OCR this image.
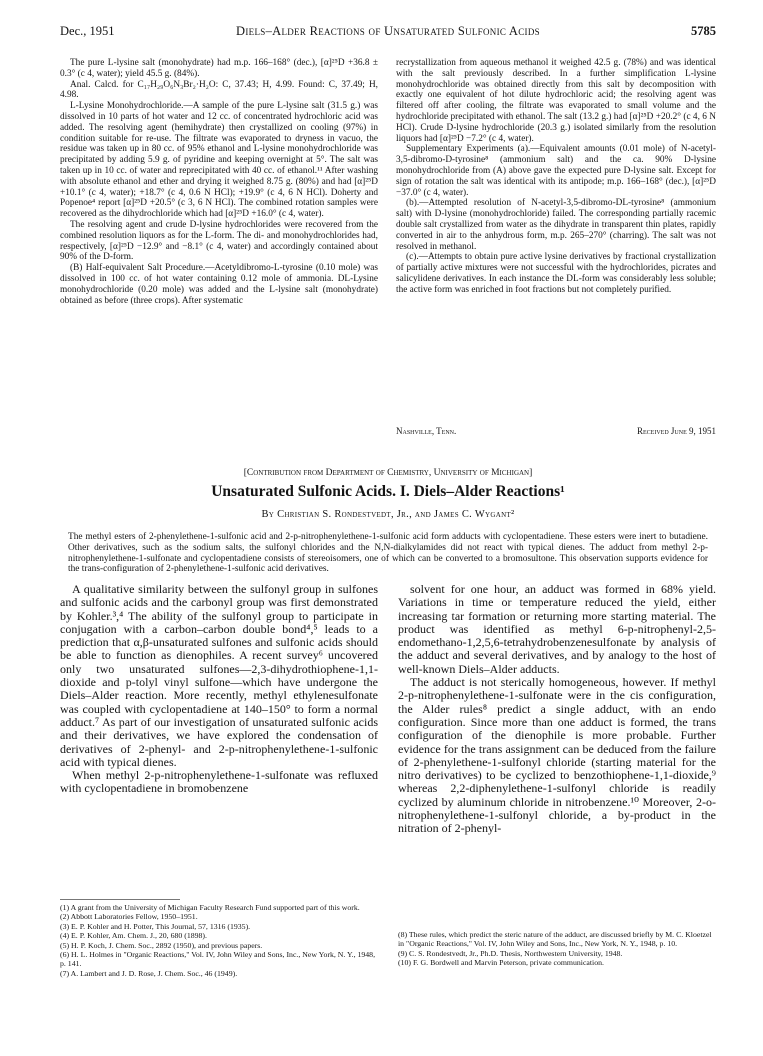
Dec., 1951	Diels–Alder Reactions of Unsaturated Sulfonic Acids	5785

The pure L-lysine salt (monohydrate) had m.p. 166–168° (dec.), [α]²⁵D +36.8 ± 0.3° (c 4, water); yield 45.5 g. (84%).

Anal. Calcd. for C₁₇H₂₉O₆N₃Br₂·H₂O: C, 37.43; H, 4.99. Found: C, 37.49; H, 4.98.

L-Lysine Monohydrochloride.—A sample of the pure L-lysine salt (31.5 g.) was dissolved in 10 parts of hot water and 12 cc. of concentrated hydrochloric acid was added. The resolving agent (hemihydrate) then crystallized on cooling (97%) in condition suitable for re-use. The filtrate was evaporated to dryness in vacuo, the residue was taken up in 80 cc. of 95% ethanol and L-lysine monohydrochloride was precipitated by adding 5.9 g. of pyridine and keeping overnight at 5°. The salt was taken up in 10 cc. of water and reprecipitated with 40 cc. of ethanol.¹¹ After washing with absolute ethanol and ether and drying it weighed 8.75 g. (80%) and had [α]²⁵D +10.1° (c 4, water); +18.7° (c 4, 0.6 N HCl); +19.9° (c 4, 6 N HCl). Doherty and Popenoe⁴ report [α]²⁵D +20.5° (c 3, 6 N HCl). The combined rotation samples were recovered as the dihydrochloride which had [α]²⁵D +16.0° (c 4, water).

The resolving agent and crude D-lysine hydrochlorides were recovered from the combined resolution liquors as for the L-form. The di- and monohydrochlorides had, respectively, [α]²⁵D −12.9° and −8.1° (c 4, water) and accordingly contained about 90% of the D-form.

(B) Half-equivalent Salt Procedure.—Acetyldibromo-L-tyrosine (0.10 mole) was dissolved in 100 cc. of hot water containing 0.12 mole of ammonia. DL-Lysine monohydrochloride (0.20 mole) was added and the L-lysine salt (monohydrate) obtained as before (three crops). After systematic

recrystallization from aqueous methanol it weighed 42.5 g. (78%) and was identical with the salt previously described. In a further simplification L-lysine monohydrochloride was obtained directly from this salt by decomposition with exactly one equivalent of hot dilute hydrochloric acid; the resolving agent was filtered off after cooling, the filtrate was evaporated to small volume and the hydrochloride precipitated with ethanol. The salt (13.2 g.) had [α]²⁵D +20.2° (c 4, 6 N HCl). Crude D-lysine hydrochloride (20.3 g.) isolated similarly from the resolution liquors had [α]²⁵D −7.2° (c 4, water).

Supplementary Experiments (a).—Equivalent amounts (0.01 mole) of N-acetyl-3,5-dibromo-D-tyrosine⁸ (ammonium salt) and the ca. 90% D-lysine monohydrochloride from (A) above gave the expected pure D-lysine salt. Except for sign of rotation the salt was identical with its antipode; m.p. 166–168° (dec.), [α]²⁵D −37.0° (c 4, water).

(b).—Attempted resolution of N-acetyl-3,5-dibromo-DL-tyrosine⁸ (ammonium salt) with D-lysine (monohydrochloride) failed. The corresponding partially racemic double salt crystallized from water as the dihydrate in transparent thin plates, rapidly converted in air to the anhydrous form, m.p. 265–270° (charring). The salt was not resolved in methanol.

(c).—Attempts to obtain pure active lysine derivatives by fractional crystallization of partially active mixtures were not successful with the hydrochlorides, picrates and salicylidene derivatives. In each instance the DL-form was considerably less soluble; the active form was enriched in foot fractions but not completely purified.

Nashville, Tenn.	Received June 9, 1951
[Contribution from Department of Chemistry, University of Michigan]
Unsaturated Sulfonic Acids. I. Diels–Alder Reactions¹
By Christian S. Rondestvedt, Jr., and James C. Wygant²
The methyl esters of 2-phenylethene-1-sulfonic acid and 2-p-nitrophenylethene-1-sulfonic acid form adducts with cyclopentadiene. These esters were inert to butadiene. Other derivatives, such as the sodium salts, the sulfonyl chlorides and the N,N-dialkylamides did not react with typical dienes. The adduct from methyl 2-p-nitrophenylethene-1-sulfonate and cyclopentadiene consists of stereoisomers, one of which can be converted to a bromosultone. This observation supports evidence for the trans-configuration of 2-phenylethene-1-sulfonic acid derivatives.

A qualitative similarity between the sulfonyl group in sulfones and sulfonic acids and the carbonyl group was first demonstrated by Kohler.³,⁴ The ability of the sulfonyl group to participate in conjugation with a carbon–carbon double bond⁴,⁵ leads to a prediction that α,β-unsaturated sulfones and sulfonic acids should be able to function as dienophiles. A recent survey⁶ uncovered only two unsaturated sulfones—2,3-dihydrothiophene-1,1-dioxide and p-tolyl vinyl sulfone—which have undergone the Diels–Alder reaction. More recently, methyl ethylenesulfonate was coupled with cyclopentadiene at 140–150° to form a normal adduct.⁷ As part of our investigation of unsaturated sulfonic acids and their derivatives, we have explored the condensation of derivatives of 2-phenyl- and 2-p-nitrophenylethene-1-sulfonic acid with typical dienes.

When methyl 2-p-nitrophenylethene-1-sulfonate was refluxed with cyclopentadiene in bromobenzene

solvent for one hour, an adduct was formed in 68% yield. Variations in time or temperature reduced the yield, either increasing tar formation or returning more starting material. The product was identified as methyl 6-p-nitrophenyl-2,5-endomethano-1,2,5,6-tetrahydrobenzenesulfonate by analysis of the adduct and several derivatives, and by analogy to the host of well-known Diels–Alder adducts.

The adduct is not sterically homogeneous, however. If methyl 2-p-nitrophenylethene-1-sulfonate were in the cis configuration, the Alder rules⁸ predict a single adduct, with an endo configuration. Since more than one adduct is formed, the trans configuration of the dienophile is more probable. Further evidence for the trans assignment can be deduced from the failure of 2-phenylethene-1-sulfonyl chloride (starting material for the nitro derivatives) to be cyclized to benzothiophene-1,1-dioxide,⁹ whereas 2,2-diphenylethene-1-sulfonyl chloride is readily cyclized by aluminum chloride in nitrobenzene.¹⁰ Moreover, 2-o-nitrophenylethene-1-sulfonyl chloride, a by-product in the nitration of 2-phenyl-

(1) A grant from the University of Michigan Faculty Research Fund supported part of this work.

(2) Abbott Laboratories Fellow, 1950–1951.

(3) E. P. Kohler and H. Potter, This Journal, 57, 1316 (1935).

(4) E. P. Kohler, Am. Chem. J., 20, 680 (1898).

(5) H. P. Koch, J. Chem. Soc., 2892 (1950), and previous papers.

(6) H. L. Holmes in "Organic Reactions," Vol. IV, John Wiley and Sons, Inc., New York, N. Y., 1948, p. 141.

(7) A. Lambert and J. D. Rose, J. Chem. Soc., 46 (1949).

(8) These rules, which predict the steric nature of the adduct, are discussed briefly by M. C. Kloetzel in "Organic Reactions," Vol. IV, John Wiley and Sons, Inc., New York, N. Y., 1948, p. 10.

(9) C. S. Rondestvedt, Jr., Ph.D. Thesis, Northwestern University, 1948.

(10) F. G. Bordwell and Marvin Peterson, private communication.
